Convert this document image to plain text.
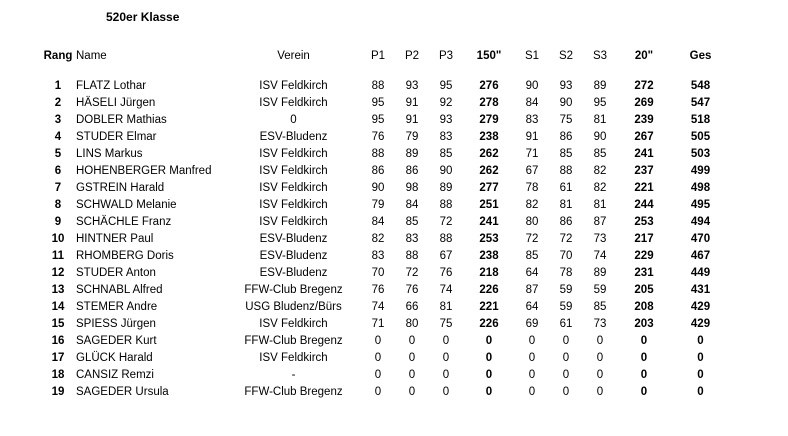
520er Klasse
Rang	Name	Verein	P1	P2	P3	150"	S1	S2	S3	20"	Ges

1	FLATZ Lothar	ISV Feldkirch	88	93	95	276	90	93	89	272	548
2	HÄSELI Jürgen	ISV Feldkirch	95	91	92	278	84	90	95	269	547
3	DOBLER Mathias	0	95	91	93	279	83	75	81	239	518
4	STUDER Elmar	ESV-Bludenz	76	79	83	238	91	86	90	267	505
5	LINS Markus	ISV Feldkirch	88	89	85	262	71	85	85	241	503
6	HOHENBERGER Manfred	ISV Feldkirch	86	86	90	262	67	88	82	237	499
7	GSTREIN Harald	ISV Feldkirch	90	98	89	277	78	61	82	221	498
8	SCHWALD Melanie	ISV Feldkirch	79	84	88	251	82	81	81	244	495
9	SCHÄCHLE Franz	ISV Feldkirch	84	85	72	241	80	86	87	253	494
10	HINTNER Paul	ESV-Bludenz	82	83	88	253	72	72	73	217	470
11	RHOMBERG Doris	ESV-Bludenz	83	88	67	238	85	70	74	229	467
12	STUDER Anton	ESV-Bludenz	70	72	76	218	64	78	89	231	449
13	SCHNABL Alfred	FFW-Club Bregenz	76	76	74	226	87	59	59	205	431
14	STEMER Andre	USG Bludenz/Bürs	74	66	81	221	64	59	85	208	429
15	SPIESS Jürgen	ISV Feldkirch	71	80	75	226	69	61	73	203	429
16	SAGEDER Kurt	FFW-Club Bregenz	0	0	0	0	0	0	0	0	0
17	GLÜCK Harald	ISV Feldkirch	0	0	0	0	0	0	0	0	0
18	CANSIZ Remzi	-	0	0	0	0	0	0	0	0	0
19	SAGEDER Ursula	FFW-Club Bregenz	0	0	0	0	0	0	0	0	0
